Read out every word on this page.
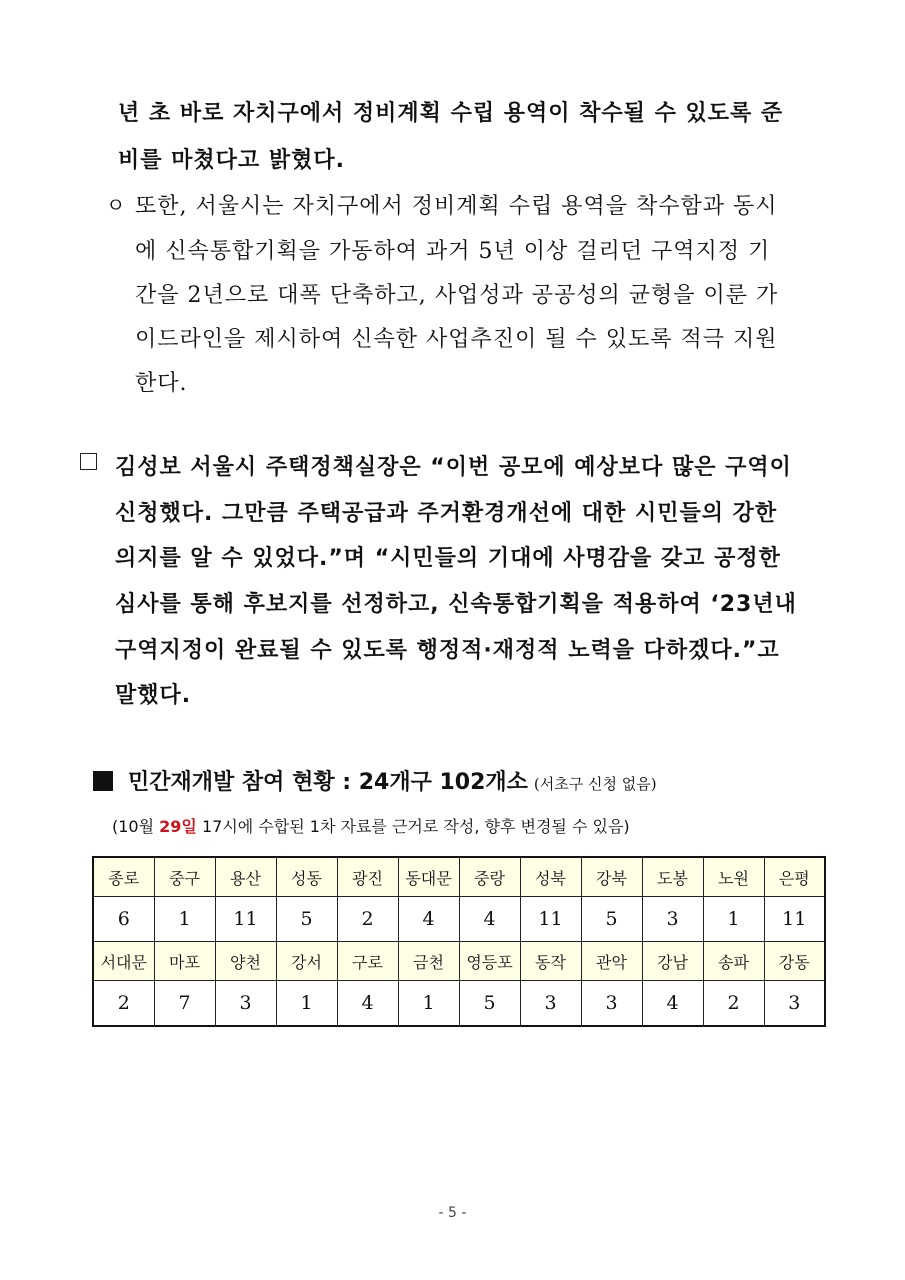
년 초 바로 자치구에서 정비계획 수립 용역이 착수될 수 있도록 준
비를 마쳤다고 밝혔다.
ㅇ 또한, 서울시는 자치구에서 정비계획 수립 용역을 착수함과 동시
에 신속통합기획을 가동하여 과거 5년 이상 걸리던 구역지정 기
간을 2년으로 대폭 단축하고, 사업성과 공공성의 균형을 이룬 가
이드라인을 제시하여 신속한 사업추진이 될 수 있도록 적극 지원
한다.
김성보 서울시 주택정책실장은 “이번 공모에 예상보다 많은 구역이
신청했다. 그만큼 주택공급과 주거환경개선에 대한 시민들의 강한
의지를 알 수 있었다.”며 “시민들의 기대에 사명감을 갖고 공정한
심사를 통해 후보지를 선정하고, 신속통합기획을 적용하여 ‘23년내
구역지정이 완료될 수 있도록 행정적·재정적 노력을 다하겠다.”고
말했다.
민간재개발 참여 현황 : 24개구 102개소 (서초구 신청 없음)
(10월 29일 17시에 수합된 1차 자료를 근거로 작성, 향후 변경될 수 있음)
종로	중구	용산	성동	광진	동대문	중랑	성북	강북	도봉	노원	은평
6	1	11	5	2	4	4	11	5	3	1	11
서대문	마포	양천	강서	구로	금천	영등포	동작	관악	강남	송파	강동
2	7	3	1	4	1	5	3	3	4	2	3
- 5 -
